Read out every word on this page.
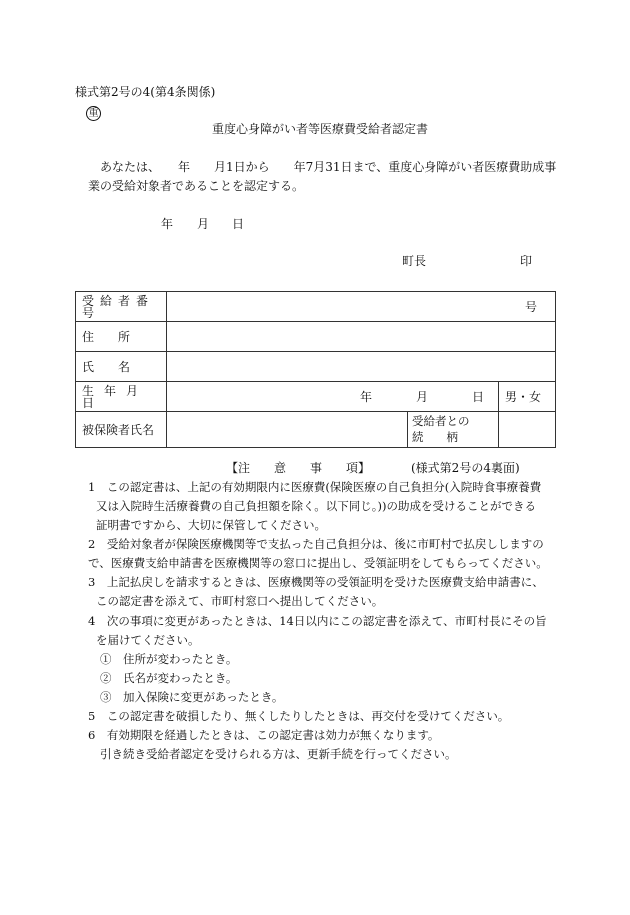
様式第2号の4(第4条関係)
重
重度心身障がい者等医療費受給者認定書
あなたは、　　年　　月1日から　　年7月31日まで、重度心身障がい者医療費助成事
業の受給対象者であることを認定する。
年 月 日
町長	印
受給者番号	号		
住　　所			
氏　　名			
生年月日	年 月 日		男・女
被保険者氏名		受給者との
続　　柄	

【注　　意　　事　　項】	(様式第2号の4裏面)
1　この認定書は、上記の有効期限内に医療費(保険医療の自己負担分(入院時食事療養費
又は入院時生活療養費の自己負担額を除く。以下同じ。))の助成を受けることができる
証明書ですから、大切に保管してください。
2　受給対象者が保険医療機関等で支払った自己負担分は、後に市町村で払戻ししますの
で、医療費支給申請書を医療機関等の窓口に提出し、受領証明をしてもらってください。
3　上記払戻しを請求するときは、医療機関等の受領証明を受けた医療費支給申請書に、
この認定書を添えて、市町村窓口へ提出してください。
4　次の事項に変更があったときは、14日以内にこの認定書を添えて、市町村長にその旨
を届けてください。
①　住所が変わったとき。
②　氏名が変わったとき。
③　加入保険に変更があったとき。
5　この認定書を破損したり、無くしたりしたときは、再交付を受けてください。
6　有効期限を経過したときは、この認定書は効力が無くなります。
引き続き受給者認定を受けられる方は、更新手続を行ってください。
